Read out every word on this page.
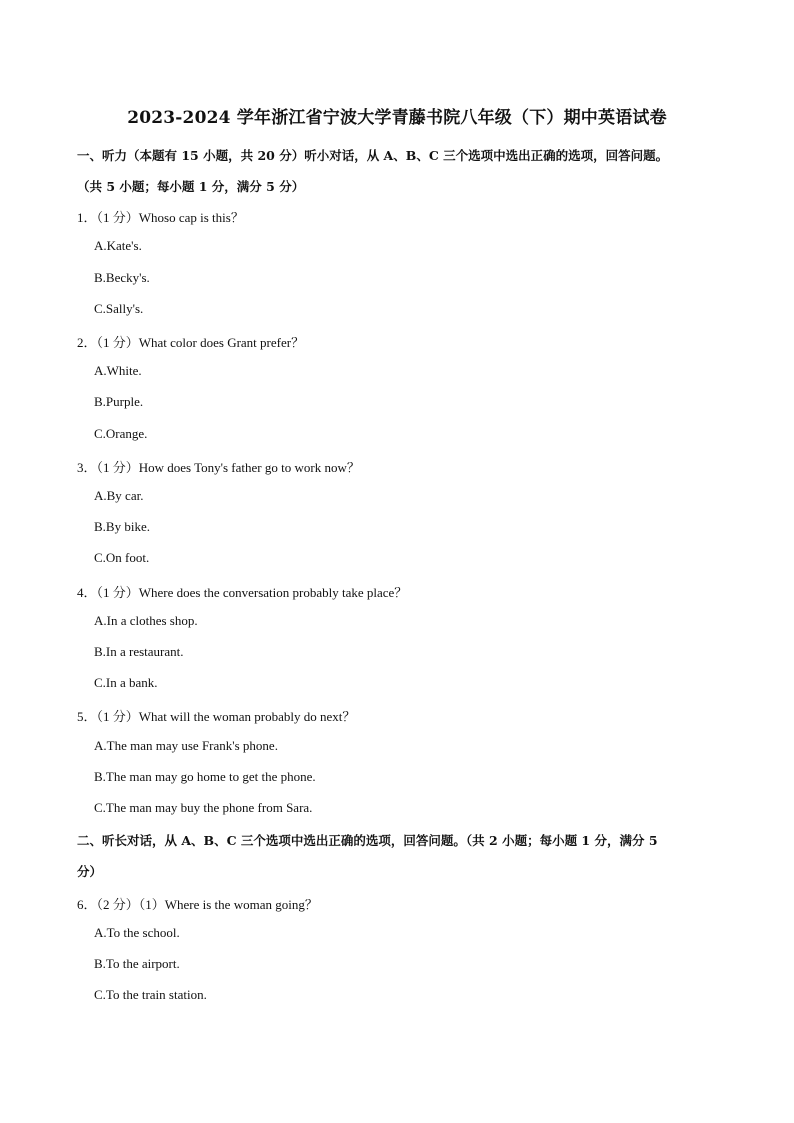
2023-2024 学年浙江省宁波大学青藤书院八年级（下）期中英语试卷
一、听力（本题有 15 小题，共 20 分）听小对话，从 A、B、C 三个选项中选出正确的选项，回答问题。
（共 5 小题；每小题 1 分，满分 5 分）
1．（1 分）Whoso cap is this？
A.Kate's.
B.Becky's.
C.Sally's.
2．（1 分）What color does Grant prefer？
A.White.
B.Purple.
C.Orange.
3．（1 分）How does Tony's father go to work now？
A.By car.
B.By bike.
C.On foot.
4．（1 分）Where does the conversation probably take place？
A.In a clothes shop.
B.In a restaurant.
C.In a bank.
5．（1 分）What will the woman probably do next？
A.The man may use Frank's phone.
B.The man may go home to get the phone.
C.The man may buy the phone from Sara.
二、听长对话，从 A、B、C 三个选项中选出正确的选项，回答问题。（共 2 小题；每小题 1 分，满分 5
分）
6．（2 分）（1）Where is the woman going？
A.To the school.
B.To the airport.
C.To the train station.
